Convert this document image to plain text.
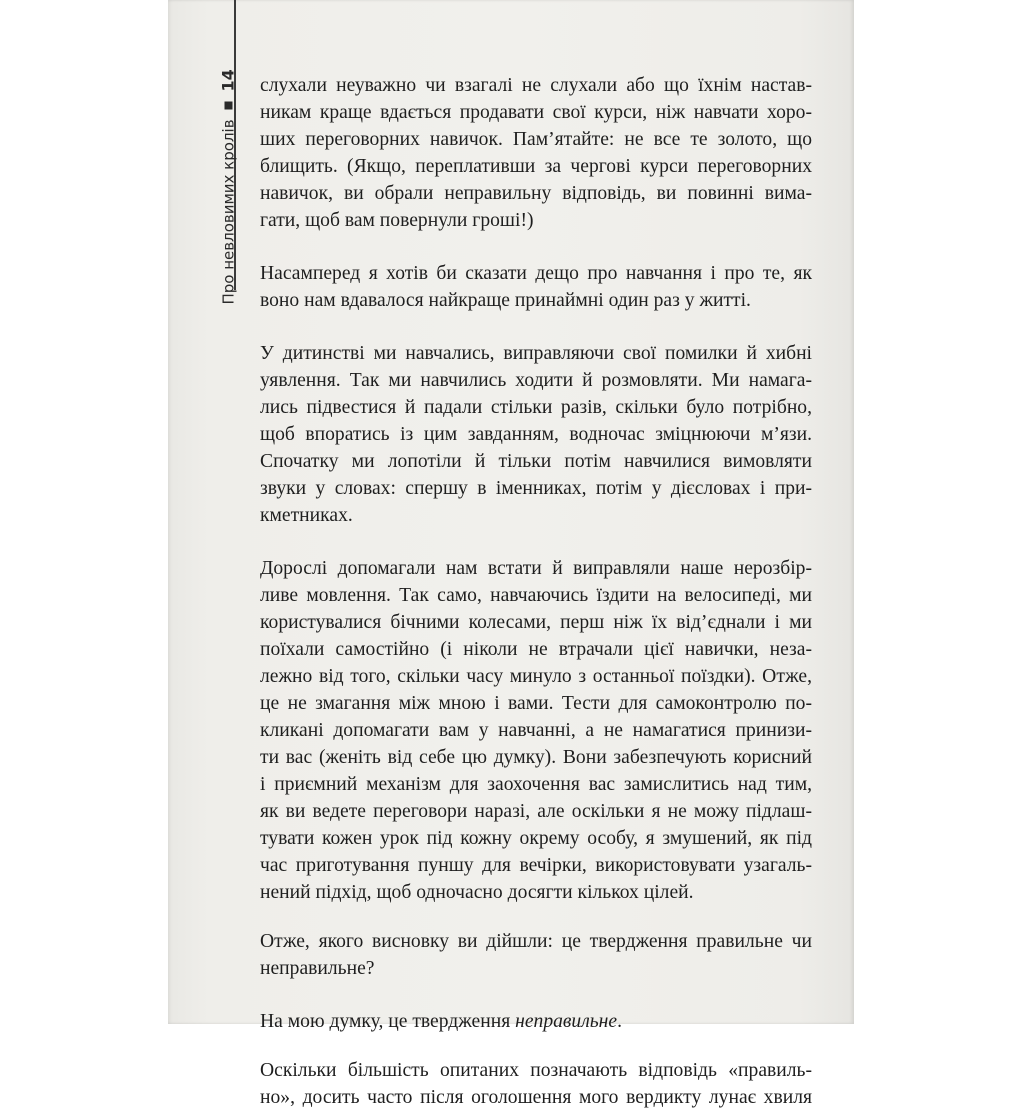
Про невловимих кролів
14 слухали неуважно чи взагалі не слухали або що їхнім настав-
никам краще вдається продавати свої курси, ніж навчати хоро-
ших переговорних навичок. Пам’ятайте: не все те золото, що
блищить. (Якщо, переплативши за чергові курси переговорних
навичок, ви обрали неправильну відповідь, ви повинні вима-
гати, щоб вам повернули гроші!)
Насамперед я хотів би сказати дещо про навчання і про те, як
воно нам вдавалося найкраще принаймні один раз у житті.
У дитинстві ми навчались, виправляючи свої помилки й хибні
уявлення. Так ми навчились ходити й розмовляти. Ми намага-
лись підвестися й падали стільки разів, скільки було потрібно,
щоб впоратись із цим завданням, водночас зміцнюючи м’язи.
Спочатку ми лопотіли й тільки потім навчилися вимовляти
звуки у словах: спершу в іменниках, потім у дієсловах і при-
кметниках.
Дорослі допомагали нам встати й виправляли наше нерозбір-
ливе мовлення. Так само, навчаючись їздити на велосипеді, ми
користувалися бічними колесами, перш ніж їх від’єднали і ми
поїхали самостійно (і ніколи не втрачали цієї навички, неза-
лежно від того, скільки часу минуло з останньої поїздки). Отже,
це не змагання між мною і вами. Тести для самоконтролю по-
кликані допомагати вам у навчанні, а не намагатися принизи-
ти вас (женіть від себе цю думку). Вони забезпечують корисний
і приємний механізм для заохочення вас замислитись над тим,
як ви ведете переговори наразі, але оскільки я не можу підлаш-
тувати кожен урок під кожну окрему особу, я змушений, як під
час приготування пуншу для вечірки, використовувати узагаль-
нений підхід, щоб одночасно досягти кількох цілей.
Отже, якого висновку ви дійшли: це твердження правильне чи
неправильне?
На мою думку, це твердження неправильне.
Оскільки більшість опитаних позначають відповідь «правиль-
но», досить часто після оголошення мого вердикту лунає хвиля
